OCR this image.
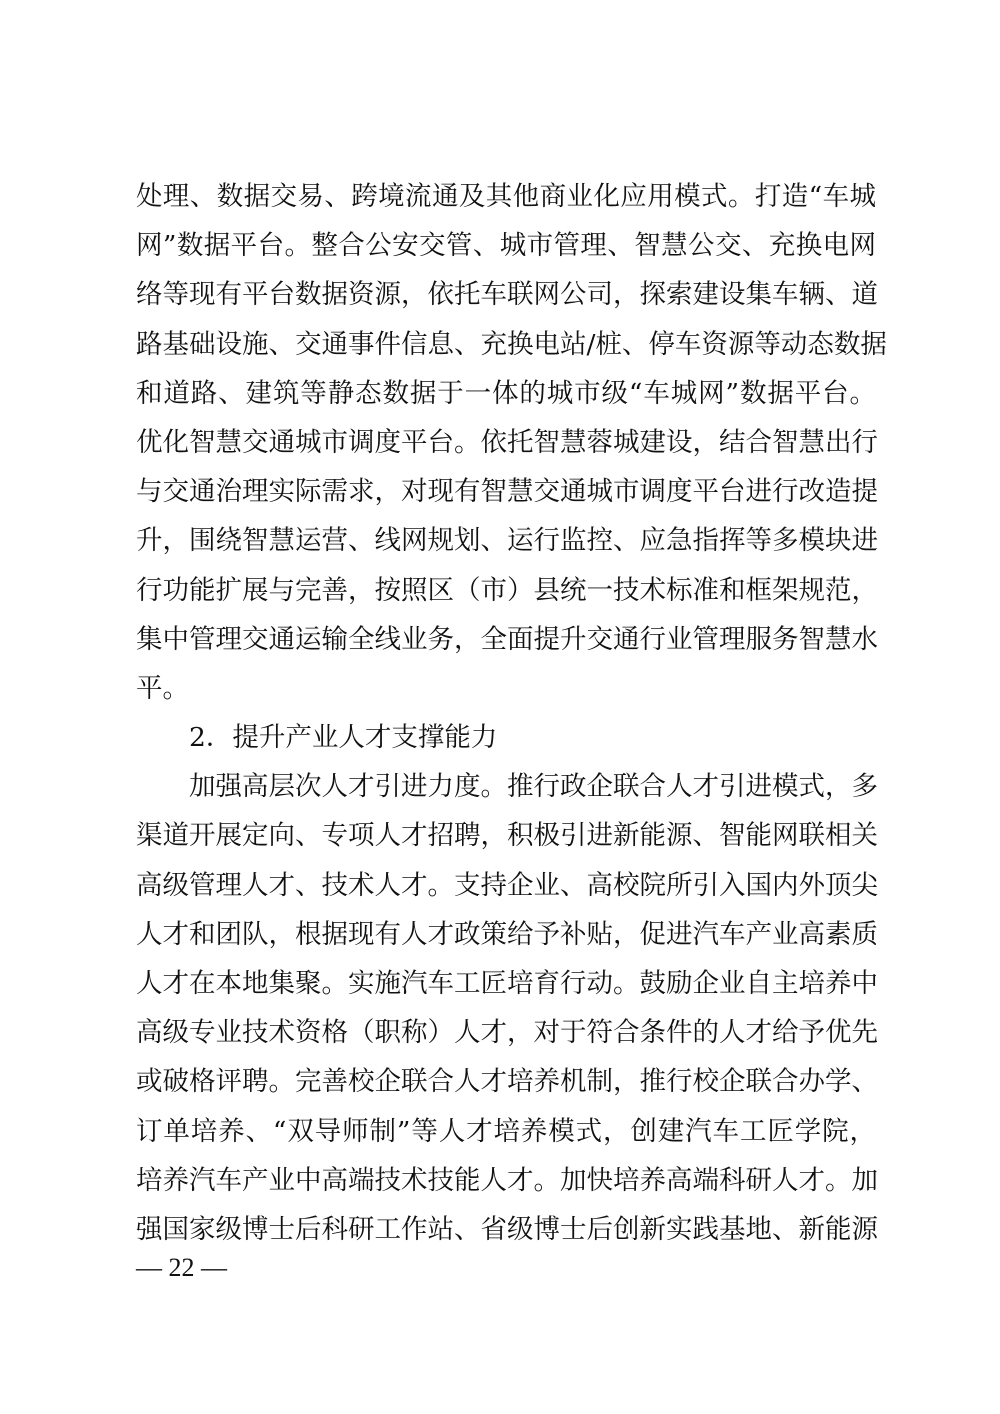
处理、数据交易、跨境流通及其他商业化应用模式。打造“车城
网”数据平台。整合公安交管、城市管理、智慧公交、充换电网
络等现有平台数据资源，依托车联网公司，探索建设集车辆、道
路基础设施、交通事件信息、充换电站/桩、停车资源等动态数据
和道路、建筑等静态数据于一体的城市级“车城网”数据平台。
优化智慧交通城市调度平台。依托智慧蓉城建设，结合智慧出行
与交通治理实际需求，对现有智慧交通城市调度平台进行改造提
升，围绕智慧运营、线网规划、运行监控、应急指挥等多模块进
行功能扩展与完善，按照区（市）县统一技术标准和框架规范，
集中管理交通运输全线业务，全面提升交通行业管理服务智慧水
平。
2．提升产业人才支撑能力
加强高层次人才引进力度。推行政企联合人才引进模式，多
渠道开展定向、专项人才招聘，积极引进新能源、智能网联相关
高级管理人才、技术人才。支持企业、高校院所引入国内外顶尖
人才和团队，根据现有人才政策给予补贴，促进汽车产业高素质
人才在本地集聚。实施汽车工匠培育行动。鼓励企业自主培养中
高级专业技术资格（职称）人才，对于符合条件的人才给予优先
或破格评聘。完善校企联合人才培养机制，推行校企联合办学、
订单培养、“双导师制”等人才培养模式，创建汽车工匠学院，
培养汽车产业中高端技术技能人才。加快培养高端科研人才。加
强国家级博士后科研工作站、省级博士后创新实践基地、新能源
— 22 —
